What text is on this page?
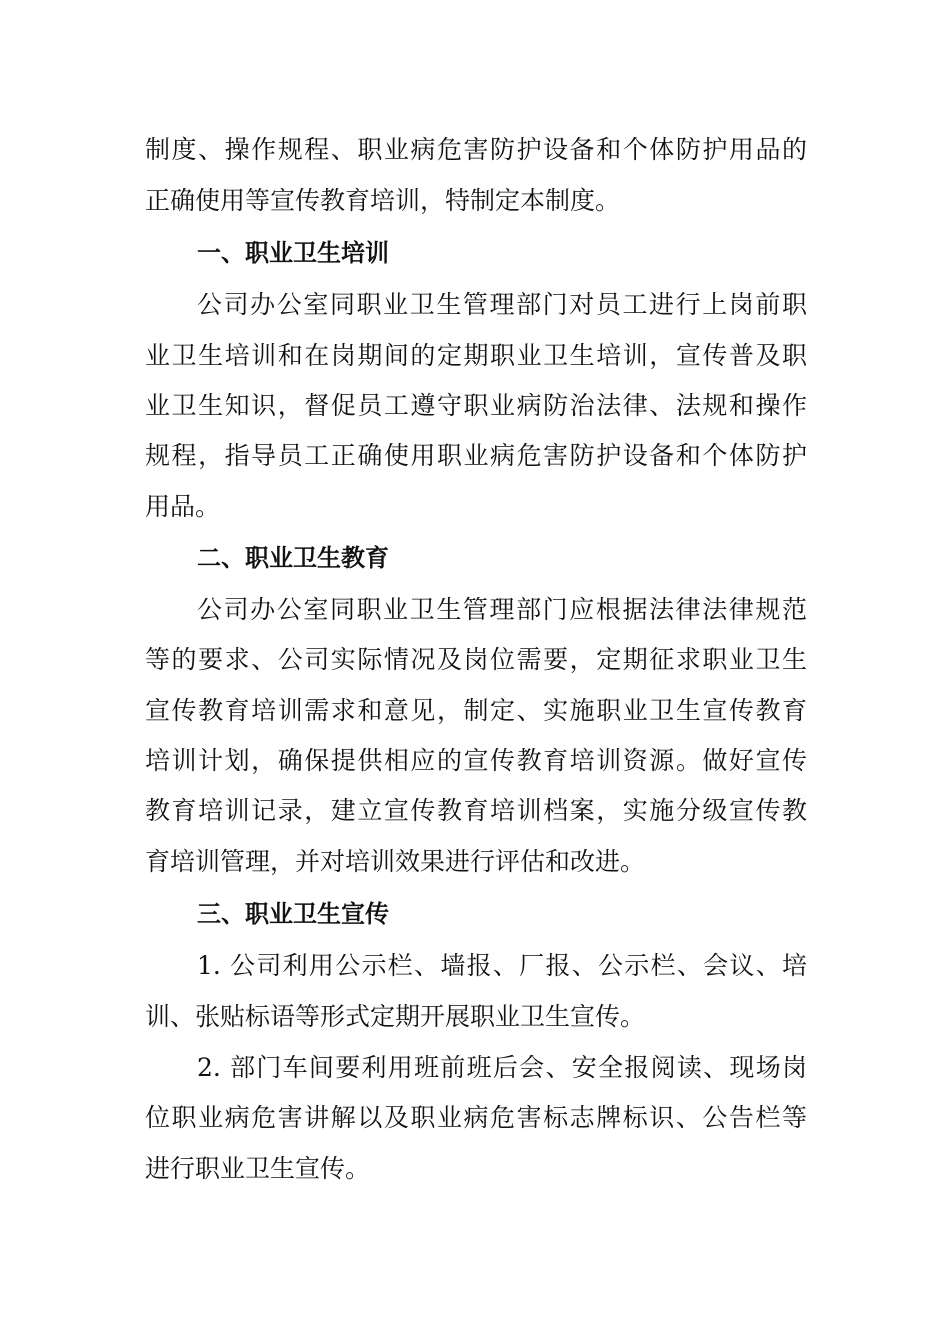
制度、操作规程、职业病危害防护设备和个体防护用品的

正确使用等宣传教育培训，特制定本制度。

一、职业卫生培训

公司办公室同职业卫生管理部门对员工进行上岗前职

业卫生培训和在岗期间的定期职业卫生培训，宣传普及职

业卫生知识，督促员工遵守职业病防治法律、法规和操作

规程，指导员工正确使用职业病危害防护设备和个体防护

用品。

二、职业卫生教育

公司办公室同职业卫生管理部门应根据法律法律规范

等的要求、公司实际情况及岗位需要，定期征求职业卫生

宣传教育培训需求和意见，制定、实施职业卫生宣传教育

培训计划，确保提供相应的宣传教育培训资源。做好宣传

教育培训记录，建立宣传教育培训档案，实施分级宣传教

育培训管理，并对培训效果进行评估和改进。

三、职业卫生宣传

1. 公司利用公示栏、墙报、厂报、公示栏、会议、培

训、张贴标语等形式定期开展职业卫生宣传。

2. 部门车间要利用班前班后会、安全报阅读、现场岗

位职业病危害讲解以及职业病危害标志牌标识、公告栏等

进行职业卫生宣传。
